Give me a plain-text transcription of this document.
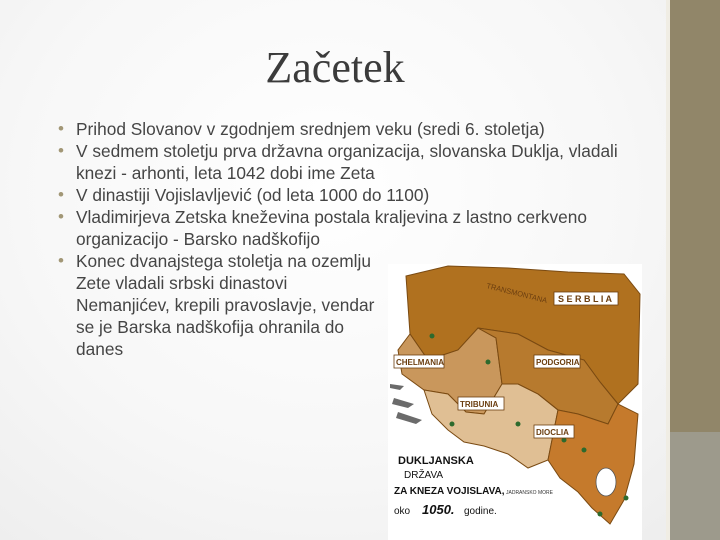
Začetek
• Prihod Slovanov v zgodnjem srednjem veku (sredi 6. stoletja)
• V sedmem stoletju prva državna organizacija, slovanska Duklja, vladali knezi - arhonti, leta 1042 dobi ime Zeta
• V dinastiji Vojislavljević (od leta 1000 do 1100)
• Vladimirjeva Zetska kneževina postala kraljevina z lastno cerkveno organizacijo - Barsko nadškofijo
• Konec dvanajstega stoletja na ozemlju Zete vladali srbski dinastovi Nemanjićev, krepili pravoslavje, vendar se je Barska nadškofija ohranila do danes
TRANSMONTANA S E R B L I A
CHELMANIA	PODGORIA
TRIBUNIA
DIOCLIA
JADRANSKO MORE
DUKLJANSKA
DRŽAVA
ZA KNEZA VOJISLAVA,
oko 1050. godine.
